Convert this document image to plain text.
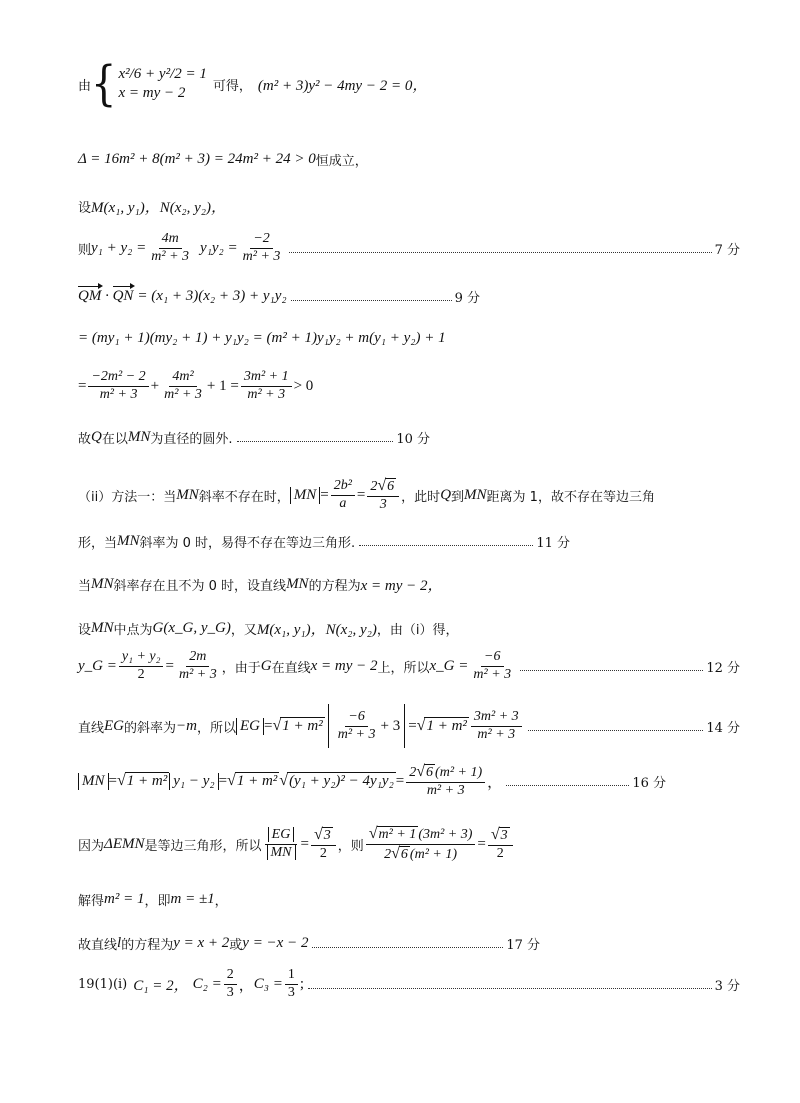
由 { x²/6 + y²/2 = 1
x = my − 2	可得， (m² + 3)y² − 4my − 2 = 0，
Δ = 16m² + 8(m² + 3) = 24m² + 24 > 0 恒成立，
设 M(x₁, y₁)，N(x₂, y₂)，
则 $y_1 + y_2 = \frac{4m}{\text{m² + 3}} y_1y_2 = \frac{-2}{\text{m² + 3}}$	7 分
QM · QN = (x₁ + 3)(x₂ + 3) + y₁y₂	9 分
= (my₁ + 1)(my₂ + 1) + y₁y₂ = (m² + 1)y₁y₂ + m(y₁ + y₂) + 1
= $\frac{\text{−2m² − 2}}{\text{m² + 3}} + \frac{\text{4m²}}{\text{m² + 3}} + 1 = \frac{\text{3m² + 1}}{\text{m² + 3}} > 0$
故 Q 在以 MN 为直径的圆外.	10 分
（ii）方法一：当 MN 斜率不存在时， MN = $\frac{\text{2b²}}{a} = \frac{2√6}{3}$ ，此时 Q 到 MN 距离为 1，故不存在等边三角
形，当 MN 斜率为 0 时，易得不存在等边三角形.	11 分
当 MN 斜率存在且不为 0 时，设直线 MN 的方程为 x = my − 2，
设 MN 中点为 G(x_G, y_G) ，又 M(x₁, y₁)，N(x₂, y₂) ，由（i）得，
y_G = $\frac{\text{y₁ + y₂}}{2} = \frac{2m}{\text{m² + 3}}$ ，由于 G 在直线 x = my − 2 上，所以 x_G = $\frac{-6}{\text{m² + 3}}$	12 分
直线 EG 的斜率为 −m ，所以 EG = $√1 + m^2 \frac{-6}{\text{m² + 3}} + 3 = √1 + m^2 \frac{\text{3m² + 3}}{\text{m² + 3}}$	14 分
MN = √1 + m² y₁ − y₂ = √1 + m² $√(y_1 + y_2)^2 - 4y_1y_2 = \frac{\text{2√6 (m² + 1)}}{\text{m² + 3}}$ ，	16 分
因为 ΔEMN 是等边三角形，所以 $\frac{EG}{MN} = \frac{√3}{2}$ ，则 $\frac{\text{√m² + 1 (3m² + 3)}}{\text{2√6 (m² + 1)}} = \frac{√3}{2}$
解得 m² = 1 ，即 m = ±1 ，
故直线 l 的方程为 y = x + 2 或 y = −x − 2	17 分
19(1)(i) C₁ = 2， $C_2 = \frac{2}{3}$ ， $C_3 = \frac{1}{3}$ ;	3 分
